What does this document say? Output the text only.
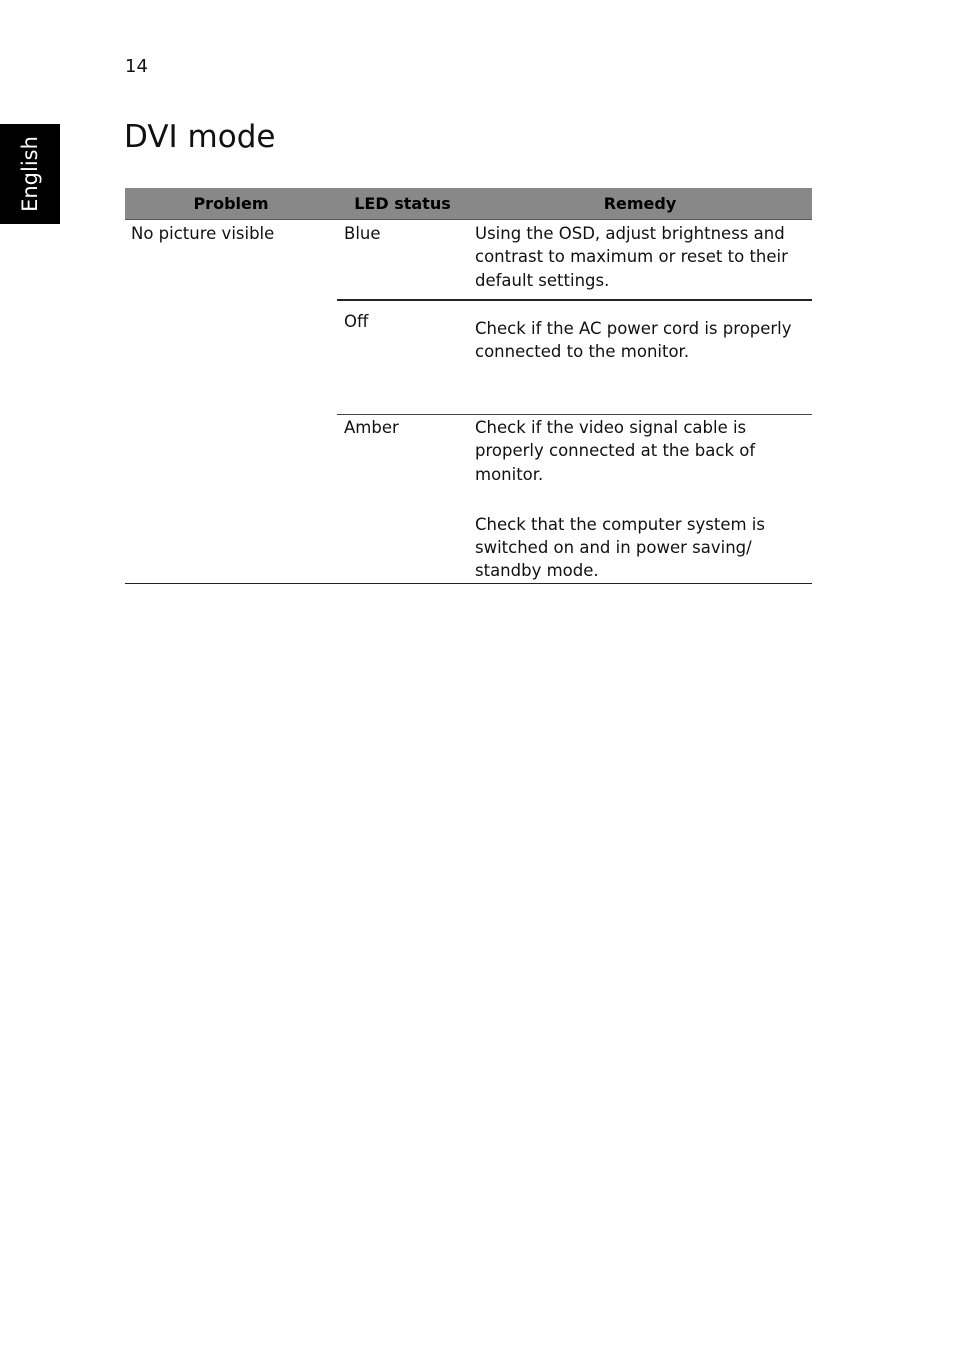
14
English	DVI mode
Problem	LED status	Remedy
No picture visible	Blue	Using the OSD, adjust brightness and contrast to maximum or reset to their default settings.

	Off	Check if the AC power cord is properly connected to the monitor.

	Amber	Check if the video signal cable is properly connected at the back of monitor.
Check that the computer system is switched on and in power saving/ standby mode.
